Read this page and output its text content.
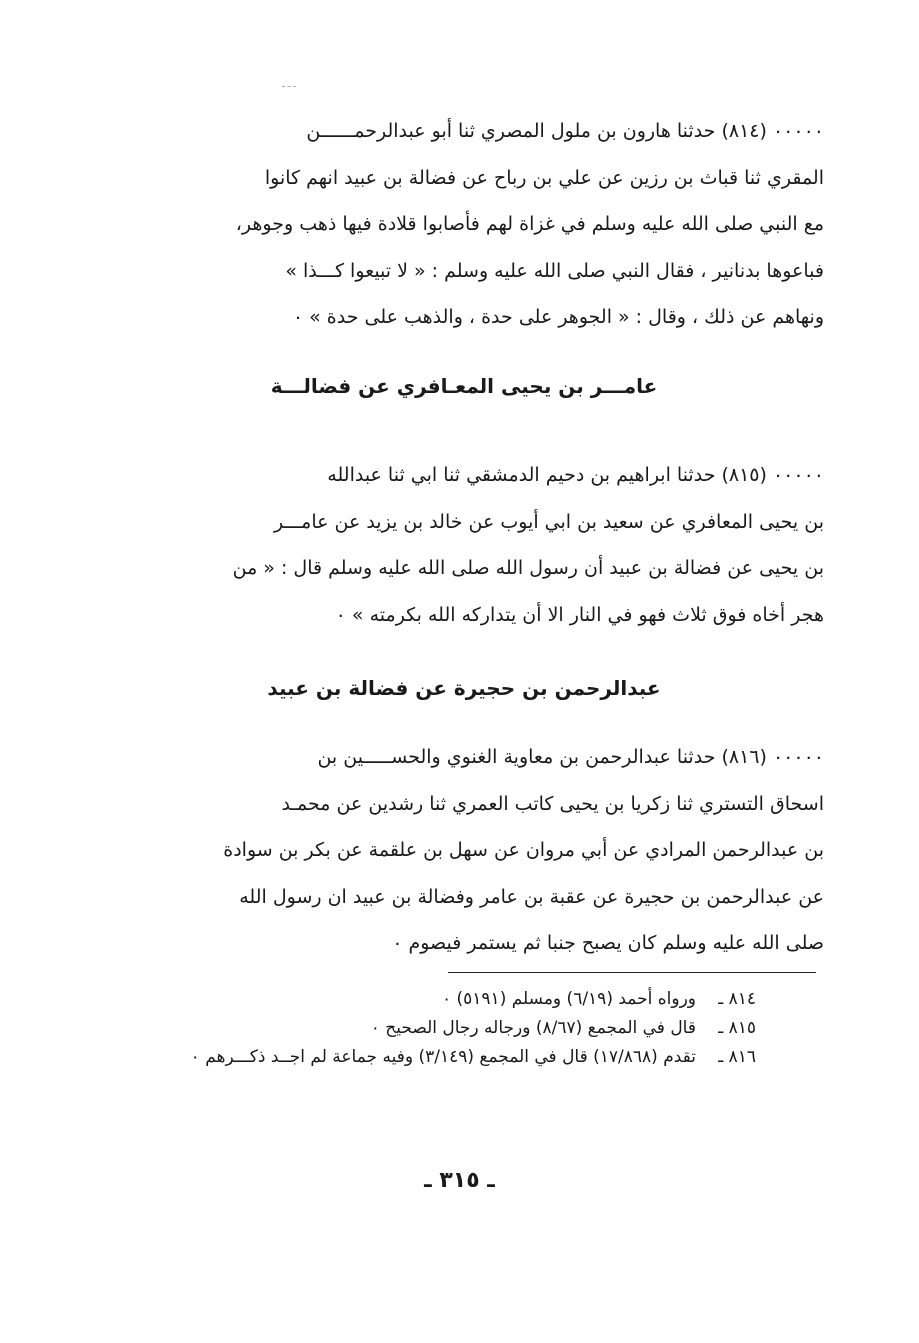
٠٠٠٠٠ (٨١٤) حدثنا هارون بن ملول المصري ثنا أبو عبدالرحمــــــن
المقري ثنا قباث بن رزين عن علي بن رباح عن فضالة بن عبيد انهم كانوا
مع النبي صلى الله عليه وسلم في غزاة لهم فأصابوا قلادة فيها ذهب وجوهر،
فباعوها بدنانير ، فقال النبي صلى الله عليه وسلم : « لا تبيعوا كـــذا »
ونهاهم عن ذلك ، وقال : « الجوهر على حدة ، والذهب على حدة » ٠
عامـــر بن يحيى المعـافري عن فضالـــة
٠٠٠٠٠ (٨١٥) حدثنا ابراهيم بن دحيم الدمشقي ثنا ابي ثنا عبدالله
بن يحيى المعافري عن سعيد بن ابي أيوب عن خالد بن يزيد عن عامـــر
بن يحيى عن فضالة بن عبيد أن رسول الله صلى الله عليه وسلم قال : « من
هجر أخاه فوق ثلاث فهو في النار الا أن يتداركه الله بكرمته » ٠
عبدالرحمن بن حجيرة عن فضالة بن عبيد
٠٠٠٠٠ (٨١٦) حدثنا عبدالرحمن بن معاوية الغنوي والحســـــين بن
اسحاق التستري ثنا زكريا بن يحيى كاتب العمري ثنا رشدين عن محمـد
بن عبدالرحمن المرادي عن أبي مروان عن سهل بن علقمة عن بكر بن سوادة
عن عبدالرحمن بن حجيرة عن عقبة بن عامر وفضالة بن عبيد ان رسول الله
صلى الله عليه وسلم كان يصبح جنبا ثم يستمر فيصوم ٠
٨١٤ ـ
ورواه أحمد (٦/١٩) ومسلم (٥١٩١) ٠
٨١٥ ـ
قال في المجمع (٨/٦٧) ورجاله رجال الصحيح ٠
٨١٦ ـ
تقدم (١٧/٨٦٨) قال في المجمع (٣/١٤٩) وفيه جماعة لم اجــد ذكـــرهم ٠
ـ ٣١٥ ـ
